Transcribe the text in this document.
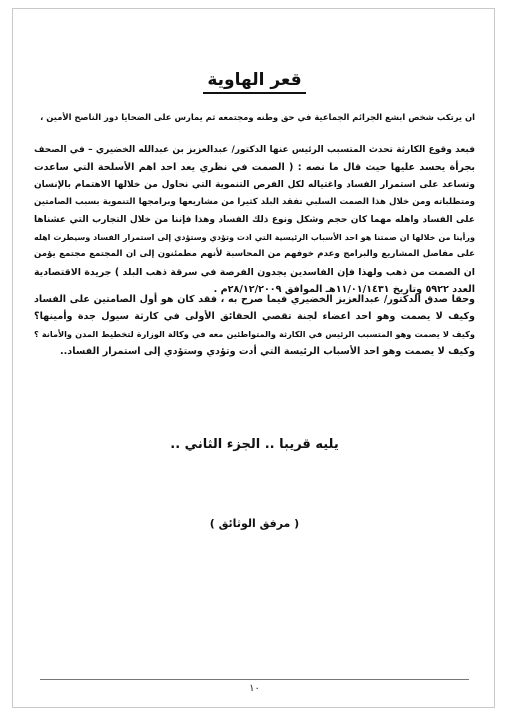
قعر الهاوية
ان يرتكب شخص ابشع الجرائم الجماعية في حق وطنه ومجتمعه ثم يمارس على الضحايا دور الناصح الأمين ،
فبعد وقوع الكارثة تحدث المتسبب الرئيس عنها الدكتور/ عبدالعزيز بن عبدالله الخضيري – في الصحف
بجرأة يحسد عليها حيث قال ما نصه : ( الصمت في نظري يعد احد اهم الأسلحة التي ساعدت
وتساعد على استمرار الفساد واغتياله لكل الفرص التنموية التي نحاول من خلالها الاهتمام بالإنسان
ومتطلباته ومن خلال هذا الصمت السلبي تفقد البلد كثيرا من مشاريعها وبرامجها التنموية بسبب الصامتين
على الفساد واهله مهما كان حجم وشكل ونوع ذلك الفساد وهذا فإننا من خلال التجارب التي عشناها
ورأينا من خلالها ان صمتنا هو احد الأسباب الرئيسية التي ادت وتؤدي وستؤدي إلى استمرار الفساد وسيطرت اهله
على مفاصل المشاريع والبرامج وعدم خوفهم من المحاسبة لأنهم مطمئنون إلى ان المجتمع مجتمع يؤمن
ان الصمت من ذهب ولهذا فإن الفاسدين يجدون الفرصة في سرقة ذهب البلد ) جريدة الاقتصادية
العدد ٥٩٢٢ وتاريخ ١١/٠١/١٤٣١هـ الموافق ٢٨/١٢/٢٠٠٩م .
وحقا صدق الدكتور/ عبدالعزيز الخضيري فيما صرح به ، فقد كان هو أول الصامتين على الفساد
وكيف لا يصمت وهو احد اعضاء لجنة تقصي الحقائق الأولى في كارثة سيول جدة وأمينها؟
وكيف لا يصمت وهو المتسبب الرئيس في الكارثة والمتواطئين معه في وكالة الوزارة لتخطيط المدن والأمانة ؟
وكيف لا يصمت وهو احد الأسباب الرئيسة التي أدت وتؤدي وستؤدي إلى استمرار الفساد..
يليه قريبا .. الجزء الثاني ..
( مرفق الوثائق )
١٠
